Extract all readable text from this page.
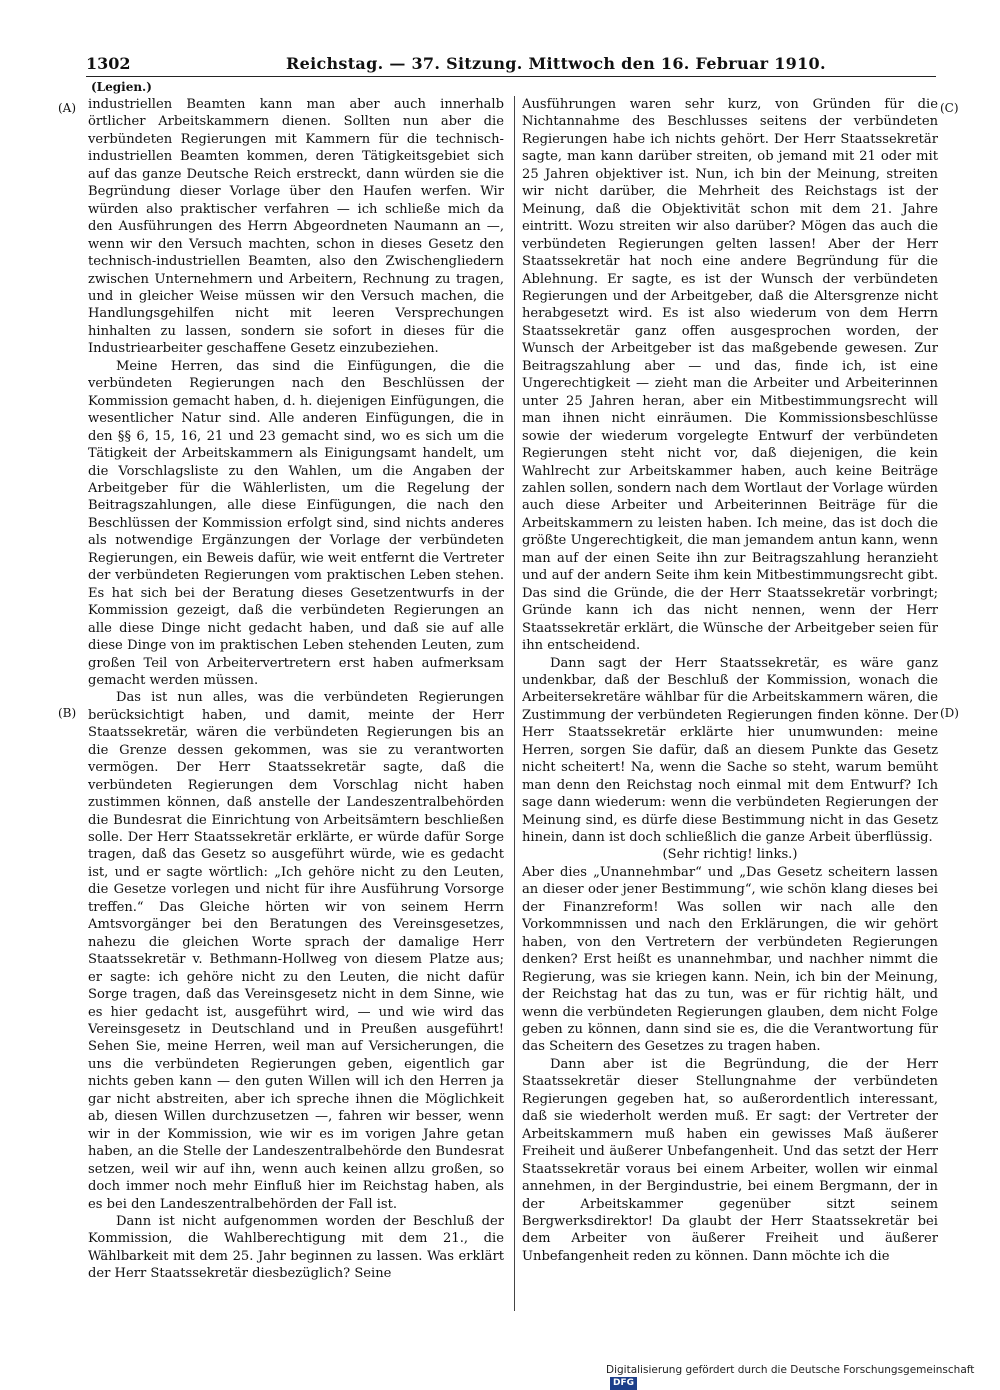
1302	Reichstag. — 37. Sitzung. Mittwoch den 16. Februar 1910.
(Legien.)
(A)
(B)
(C)
(D)

industriellen Beamten kann man aber auch innerhalb örtlicher Arbeitskammern dienen. Sollten nun aber die verbündeten Regierungen mit Kammern für die technisch-industriellen Beamten kommen, deren Tätigkeitsgebiet sich auf das ganze Deutsche Reich erstreckt, dann würden sie die Begründung dieser Vorlage über den Haufen werfen. Wir würden also praktischer verfahren — ich schließe mich da den Ausführungen des Herrn Abgeordneten Naumann an —, wenn wir den Versuch machten, schon in dieses Gesetz den technisch-industriellen Beamten, also den Zwischengliedern zwischen Unternehmern und Arbeitern, Rechnung zu tragen, und in gleicher Weise müssen wir den Versuch machen, die Handlungsgehilfen nicht mit leeren Versprechungen hinhalten zu lassen, sondern sie sofort in dieses für die Industriearbeiter geschaffene Gesetz einzubeziehen.

Meine Herren, das sind die Einfügungen, die die verbündeten Regierungen nach den Beschlüssen der Kommission gemacht haben, d. h. diejenigen Einfügungen, die wesentlicher Natur sind. Alle anderen Einfügungen, die in den §§ 6, 15, 16, 21 und 23 gemacht sind, wo es sich um die Tätigkeit der Arbeitskammern als Einigungsamt handelt, um die Vorschlagsliste zu den Wahlen, um die Angaben der Arbeitgeber für die Wählerlisten, um die Regelung der Beitragszahlungen, alle diese Einfügungen, die nach den Beschlüssen der Kommission erfolgt sind, sind nichts anderes als notwendige Ergänzungen der Vorlage der verbündeten Regierungen, ein Beweis dafür, wie weit entfernt die Vertreter der verbündeten Regierungen vom praktischen Leben stehen. Es hat sich bei der Beratung dieses Gesetzentwurfs in der Kommission gezeigt, daß die verbündeten Regierungen an alle diese Dinge nicht gedacht haben, und daß sie auf alle diese Dinge von im praktischen Leben stehenden Leuten, zum großen Teil von Arbeitervertretern erst haben aufmerksam gemacht werden müssen.

Das ist nun alles, was die verbündeten Regierungen berücksichtigt haben, und damit, meinte der Herr Staatssekretär, wären die verbündeten Regierungen bis an die Grenze dessen gekommen, was sie zu verantworten vermögen. Der Herr Staatssekretär sagte, daß die verbündeten Regierungen dem Vorschlag nicht haben zustimmen können, daß anstelle der Landeszentralbehörden die Bundesrat die Einrichtung von Arbeitsämtern beschließen solle. Der Herr Staatssekretär erklärte, er würde dafür Sorge tragen, daß das Gesetz so ausgeführt würde, wie es gedacht ist, und er sagte wörtlich: „Ich gehöre nicht zu den Leuten, die Gesetze vorlegen und nicht für ihre Ausführung Vorsorge treffen.“ Das Gleiche hörten wir von seinem Herrn Amtsvorgänger bei den Beratungen des Vereinsgesetzes, nahezu die gleichen Worte sprach der damalige Herr Staatssekretär v. Bethmann-Hollweg von diesem Platze aus; er sagte: ich gehöre nicht zu den Leuten, die nicht dafür Sorge tragen, daß das Vereinsgesetz nicht in dem Sinne, wie es hier gedacht ist, ausgeführt wird, — und wie wird das Vereinsgesetz in Deutschland und in Preußen ausgeführt! Sehen Sie, meine Herren, weil man auf Versicherungen, die uns die verbündeten Regierungen geben, eigentlich gar nichts geben kann — den guten Willen will ich den Herren ja gar nicht abstreiten, aber ich spreche ihnen die Möglichkeit ab, diesen Willen durchzusetzen —, fahren wir besser, wenn wir in der Kommission, wie wir es im vorigen Jahre getan haben, an die Stelle der Landeszentralbehörde den Bundesrat setzen, weil wir auf ihn, wenn auch keinen allzu großen, so doch immer noch mehr Einfluß hier im Reichstag haben, als es bei den Landeszentralbehörden der Fall ist.

Dann ist nicht aufgenommen worden der Beschluß der Kommission, die Wahlberechtigung mit dem 21., die Wählbarkeit mit dem 25. Jahr beginnen zu lassen. Was erklärt der Herr Staatssekretär diesbezüglich? Seine

Ausführungen waren sehr kurz, von Gründen für die Nichtannahme des Beschlusses seitens der verbündeten Regierungen habe ich nichts gehört. Der Herr Staatssekretär sagte, man kann darüber streiten, ob jemand mit 21 oder mit 25 Jahren objektiver ist. Nun, ich bin der Meinung, streiten wir nicht darüber, die Mehrheit des Reichstags ist der Meinung, daß die Objektivität schon mit dem 21. Jahre eintritt. Wozu streiten wir also darüber? Mögen das auch die verbündeten Regierungen gelten lassen! Aber der Herr Staatssekretär hat noch eine andere Begründung für die Ablehnung. Er sagte, es ist der Wunsch der verbündeten Regierungen und der Arbeitgeber, daß die Altersgrenze nicht herabgesetzt wird. Es ist also wiederum von dem Herrn Staatssekretär ganz offen ausgesprochen worden, der Wunsch der Arbeitgeber ist das maßgebende gewesen. Zur Beitragszahlung aber — und das, finde ich, ist eine Ungerechtigkeit — zieht man die Arbeiter und Arbeiterinnen unter 25 Jahren heran, aber ein Mitbestimmungsrecht will man ihnen nicht einräumen. Die Kommissionsbeschlüsse sowie der wiederum vorgelegte Entwurf der verbündeten Regierungen steht nicht vor, daß diejenigen, die kein Wahlrecht zur Arbeitskammer haben, auch keine Beiträge zahlen sollen, sondern nach dem Wortlaut der Vorlage würden auch diese Arbeiter und Arbeiterinnen Beiträge für die Arbeitskammern zu leisten haben. Ich meine, das ist doch die größte Ungerechtigkeit, die man jemandem antun kann, wenn man auf der einen Seite ihn zur Beitragszahlung heranzieht und auf der andern Seite ihm kein Mitbestimmungsrecht gibt. Das sind die Gründe, die der Herr Staatssekretär vorbringt; Gründe kann ich das nicht nennen, wenn der Herr Staatssekretär erklärt, die Wünsche der Arbeitgeber seien für ihn entscheidend.

Dann sagt der Herr Staatssekretär, es wäre ganz undenkbar, daß der Beschluß der Kommission, wonach die Arbeitersekretäre wählbar für die Arbeitskammern wären, die Zustimmung der verbündeten Regierungen finden könne. Der Herr Staatssekretär erklärte hier unumwunden: meine Herren, sorgen Sie dafür, daß an diesem Punkte das Gesetz nicht scheitert! Na, wenn die Sache so steht, warum bemüht man denn den Reichstag noch einmal mit dem Entwurf? Ich sage dann wiederum: wenn die verbündeten Regierungen der Meinung sind, es dürfe diese Bestimmung nicht in das Gesetz hinein, dann ist doch schließlich die ganze Arbeit überflüssig.

(Sehr richtig! links.)

Aber dies „Unannehmbar“ und „Das Gesetz scheitern lassen an dieser oder jener Bestimmung“, wie schön klang dieses bei der Finanzreform! Was sollen wir nach alle den Vorkommnissen und nach den Erklärungen, die wir gehört haben, von den Vertretern der verbündeten Regierungen denken? Erst heißt es unannehmbar, und nachher nimmt die Regierung, was sie kriegen kann. Nein, ich bin der Meinung, der Reichstag hat das zu tun, was er für richtig hält, und wenn die verbündeten Regierungen glauben, dem nicht Folge geben zu können, dann sind sie es, die die Verantwortung für das Scheitern des Gesetzes zu tragen haben.

Dann aber ist die Begründung, die der Herr Staatssekretär dieser Stellungnahme der verbündeten Regierungen gegeben hat, so außerordentlich interessant, daß sie wiederholt werden muß. Er sagt: der Vertreter der Arbeitskammern muß haben ein gewisses Maß äußerer Freiheit und äußerer Unbefangenheit. Und das setzt der Herr Staatssekretär voraus bei einem Arbeiter, wollen wir einmal annehmen, in der Bergindustrie, bei einem Bergmann, der in der Arbeitskammer gegenüber sitzt seinem Bergwerksdirektor! Da glaubt der Herr Staatssekretär bei dem Arbeiter von äußerer Freiheit und äußerer Unbefangenheit reden zu können. Dann möchte ich die

Digitalisierung gefördert durch die Deutsche Forschungsgemeinschaft DFG
